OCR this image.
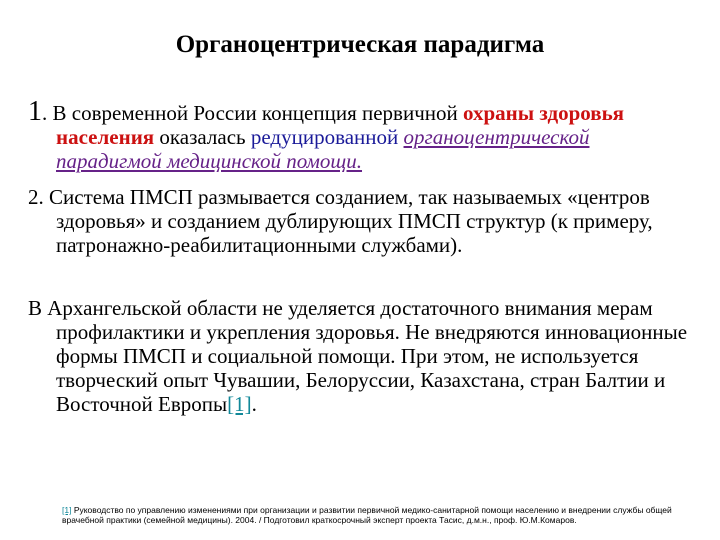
Органоцентрическая парадигма
1. В современной России концепция первичной охраны здоровья населения оказалась редуцированной органоцентрической парадигмой медицинской помощи.
2. Система ПМСП размывается созданием, так называемых «центров здоровья» и созданием дублирующих ПМСП структур (к примеру, патронажно-реабилитационными службами).
В Архангельской области не уделяется достаточного внимания мерам профилактики и укрепления здоровья. Не внедряются инновационные формы ПМСП и социальной помощи. При этом, не используется творческий опыт Чувашии, Белоруссии, Казахстана, стран Балтии и Восточной Европы[1].
[1] Руководство по управлению изменениями при организации и развитии первичной медико-санитарной помощи населению и внедрении службы общей врачебной практики (семейной медицины). 2004. / Подготовил краткосрочный эксперт проекта Тасис, д.м.н., проф. Ю.М.Комаров.
